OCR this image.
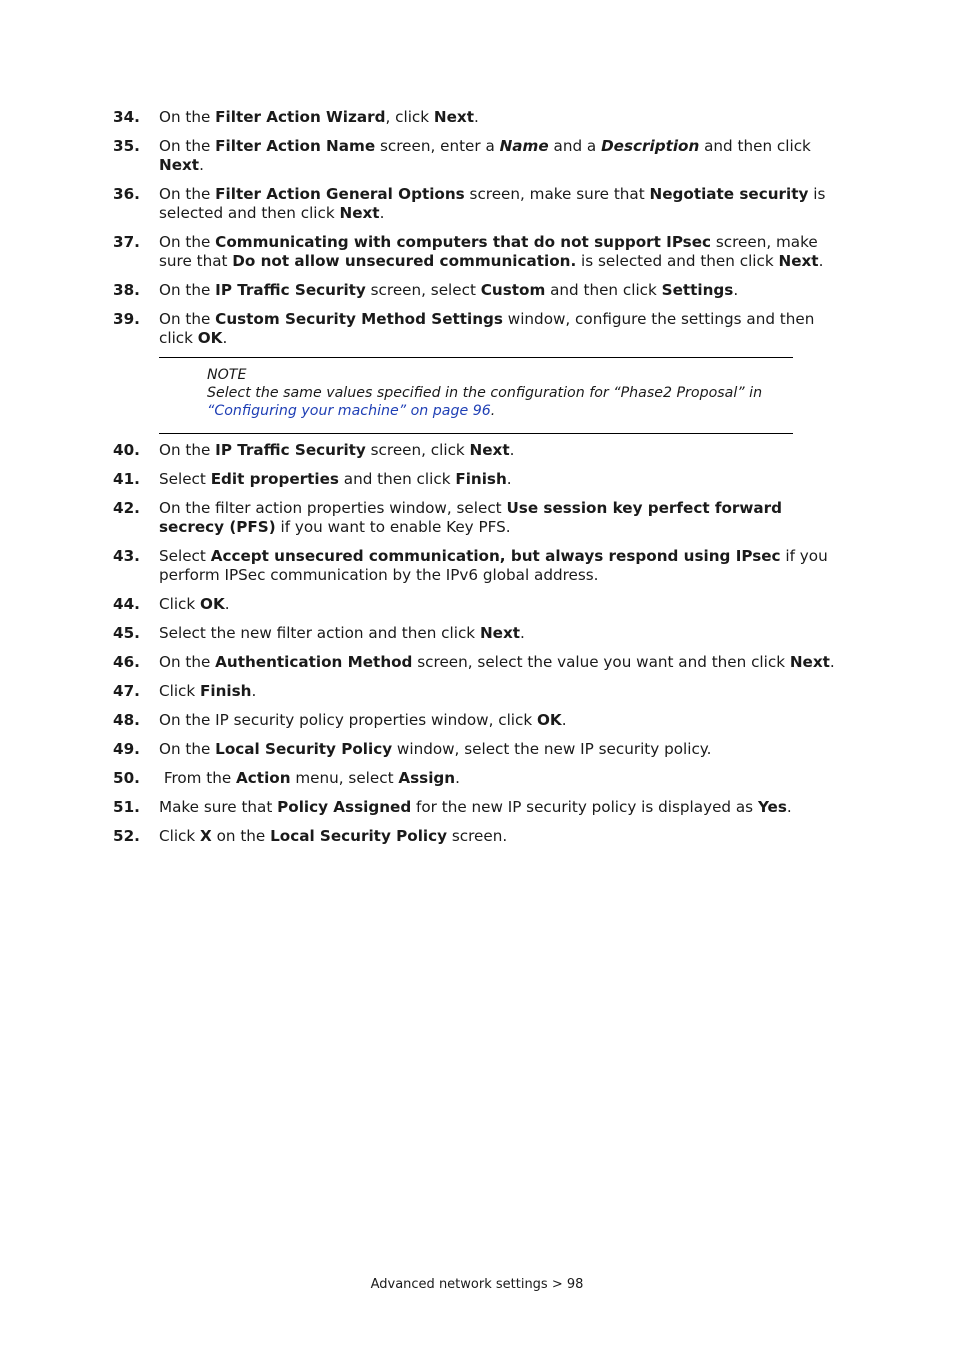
34.	On the Filter Action Wizard, click Next.
35.	On the Filter Action Name screen, enter a Name and a Description and then click Next.
36.	On the Filter Action General Options screen, make sure that Negotiate security is selected and then click Next.
37.	On the Communicating with computers that do not support IPsec screen, make sure that Do not allow unsecured communication. is selected and then click Next.
38.	On the IP Traffic Security screen, select Custom and then click Settings.
39.	On the Custom Security Method Settings window, configure the settings and then click OK.
NOTE
Select the same values specified in the configuration for “Phase2 Proposal” in
“Configuring your machine” on page 96.
40.	On the IP Traffic Security screen, click Next.
41.	Select Edit properties and then click Finish.
42.	On the filter action properties window, select Use session key perfect forward secrecy (PFS) if you want to enable Key PFS.
43.	Select Accept unsecured communication, but always respond using IPsec if you perform IPSec communication by the IPv6 global address.
44.	Click OK.
45.	Select the new filter action and then click Next.
46.	On the Authentication Method screen, select the value you want and then click Next.
47.	Click Finish.
48.	On the IP security policy properties window, click OK.
49.	On the Local Security Policy window, select the new IP security policy.
50.	From the Action menu, select Assign.
51.	Make sure that Policy Assigned for the new IP security policy is displayed as Yes.
52.	Click X on the Local Security Policy screen.
Advanced network settings > 98
